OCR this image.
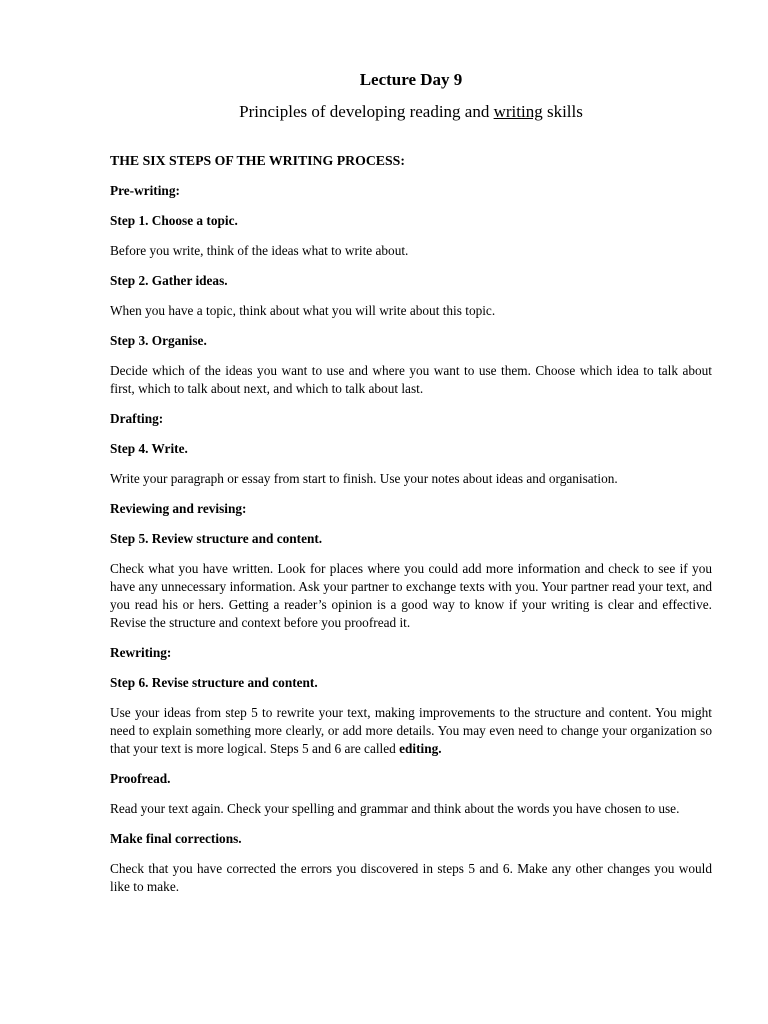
Lecture Day 9

Principles of developing reading and writing skills

THE SIX STEPS OF THE WRITING PROCESS:

Pre-writing:

Step 1. Choose a topic.

Before you write, think of the ideas what to write about.

Step 2. Gather ideas.

When you have a topic, think about what you will write about this topic.

Step 3. Organise.

Decide which of the ideas you want to use and where you want to use them. Choose which idea to talk about first, which to talk about next, and which to talk about last.

Drafting:

Step 4. Write.

Write your paragraph or essay from start to finish. Use your notes about ideas and organisation.

Reviewing and revising:

Step 5. Review structure and content.

Check what you have written. Look for places where you could add more information and check to see if you have any unnecessary information. Ask your partner to exchange texts with you. Your partner read your text, and you read his or hers. Getting a reader’s opinion is a good way to know if your writing is clear and effective. Revise the structure and context before you proofread it.

Rewriting:

Step 6. Revise structure and content.

Use your ideas from step 5 to rewrite your text, making improvements to the structure and content. You might need to explain something more clearly, or add more details. You may even need to change your organization so that your text is more logical. Steps 5 and 6 are called editing.

Proofread.

Read your text again. Check your spelling and grammar and think about the words you have chosen to use.

Make final corrections.

Check that you have corrected the errors you discovered in steps 5 and 6. Make any other changes you would like to make.
